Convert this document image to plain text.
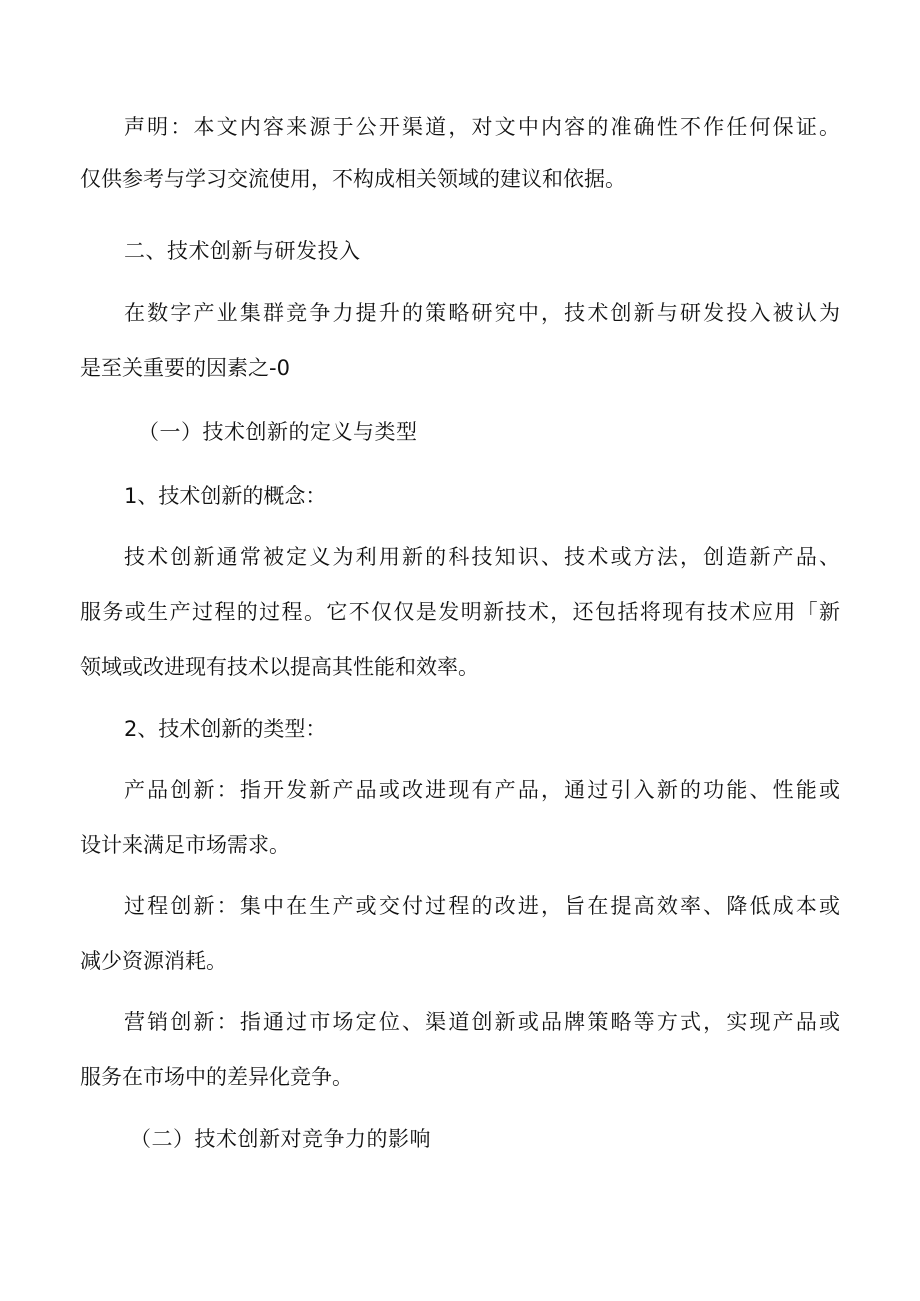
声明：本文内容来源于公开渠道，对文中内容的准确性不作任何保证。
仅供参考与学习交流使用，不构成相关领域的建议和依据。
二、技术创新与研发投入
在数字产业集群竞争力提升的策略研究中，技术创新与研发投入被认为
是至关重要的因素之-0
（一）技术创新的定义与类型
1、技术创新的概念：
技术创新通常被定义为利用新的科技知识、技术或方法，创造新产品、
服务或生产过程的过程。它不仅仅是发明新技术，还包括将现有技术应用「新
领域或改进现有技术以提高其性能和效率。
2、技术创新的类型：
产品创新：指开发新产品或改进现有产品，通过引入新的功能、性能或
设计来满足市场需求。
过程创新：集中在生产或交付过程的改进，旨在提高效率、降低成本或
减少资源消耗。
营销创新：指通过市场定位、渠道创新或品牌策略等方式，实现产品或
服务在市场中的差异化竞争。
（二）技术创新对竞争力的影响
